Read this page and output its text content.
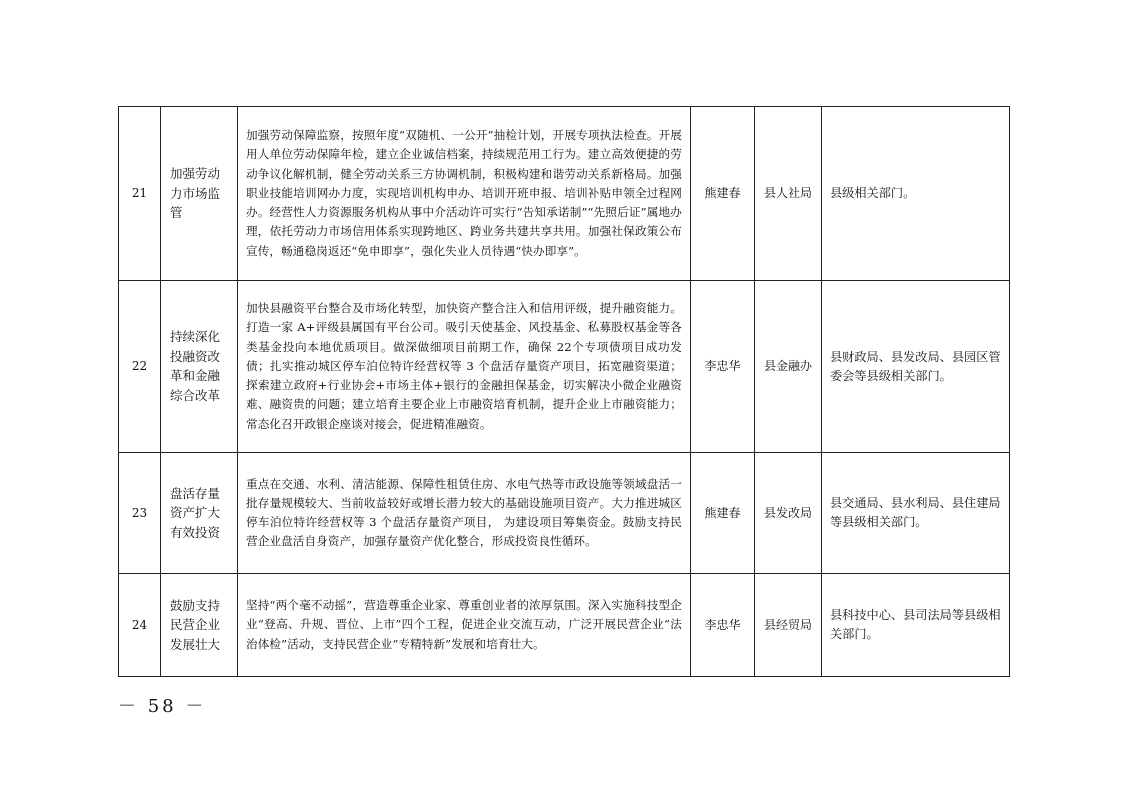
21	加强劳动力市场监管	加强劳动保障监察，按照年度“双随机、一公开”抽检计划，开展专项执法检查。开展用人单位劳动保障年检，建立企业诚信档案，持续规范用工行为。建立高效便捷的劳动争议化解机制，健全劳动关系三方协调机制，积极构建和谐劳动关系新格局。加强职业技能培训网办力度，实现培训机构申办、培训开班申报、培训补贴申领全过程网办。经营性人力资源服务机构从事中介活动许可实行“告知承诺制”“先照后证”属地办理，依托劳动力市场信用体系实现跨地区、跨业务共建共享共用。加强社保政策公布宣传，畅通稳岗返还“免申即享”，强化失业人员待遇“快办即享”。	熊建春	县人社局	县级相关部门。

22	持续深化投融资改革和金融综合改革	加快县融资平台整合及市场化转型，加快资产整合注入和信用评级，提升融资能力。打造一家 A+评级县属国有平台公司。吸引天使基金、风投基金、私募股权基金等各类基金投向本地优质项目。做深做细项目前期工作，确保 22个专项债项目成功发债；扎实推动城区停车泊位特许经营权等 3 个盘活存量资产项目，拓宽融资渠道；探索建立政府+行业协会+市场主体+银行的金融担保基金，切实解决小微企业融资难、融资贵的问题；建立培育主要企业上市融资培育机制，提升企业上市融资能力；常态化召开政银企座谈对接会，促进精准融资。	李忠华	县金融办	县财政局、县发改局、县园区管委会等县级相关部门。

23	盘活存量资产扩大有效投资	重点在交通、水利、清洁能源、保障性租赁住房、水电气热等市政设施等领域盘活一批存量规模较大、当前收益较好或增长潜力较大的基础设施项目资产。大力推进城区停车泊位特许经营权等 3 个盘活存量资产项目， 为建设项目筹集资金。鼓励支持民营企业盘活自身资产，加强存量资产优化整合，形成投资良性循环。	熊建春	县发改局	县交通局、县水利局、县住建局等县级相关部门。

24	鼓励支持民营企业发展壮大	坚持“两个毫不动摇”，营造尊重企业家、尊重创业者的浓厚氛围。深入实施科技型企业“登高、升规、晋位、上市”四个工程，促进企业交流互动，广泛开展民营企业“法治体检”活动，支持民营企业“专精特新”发展和培育壮大。	李忠华	县经贸局	县科技中心、县司法局等县级相关部门。
－ 58 －
